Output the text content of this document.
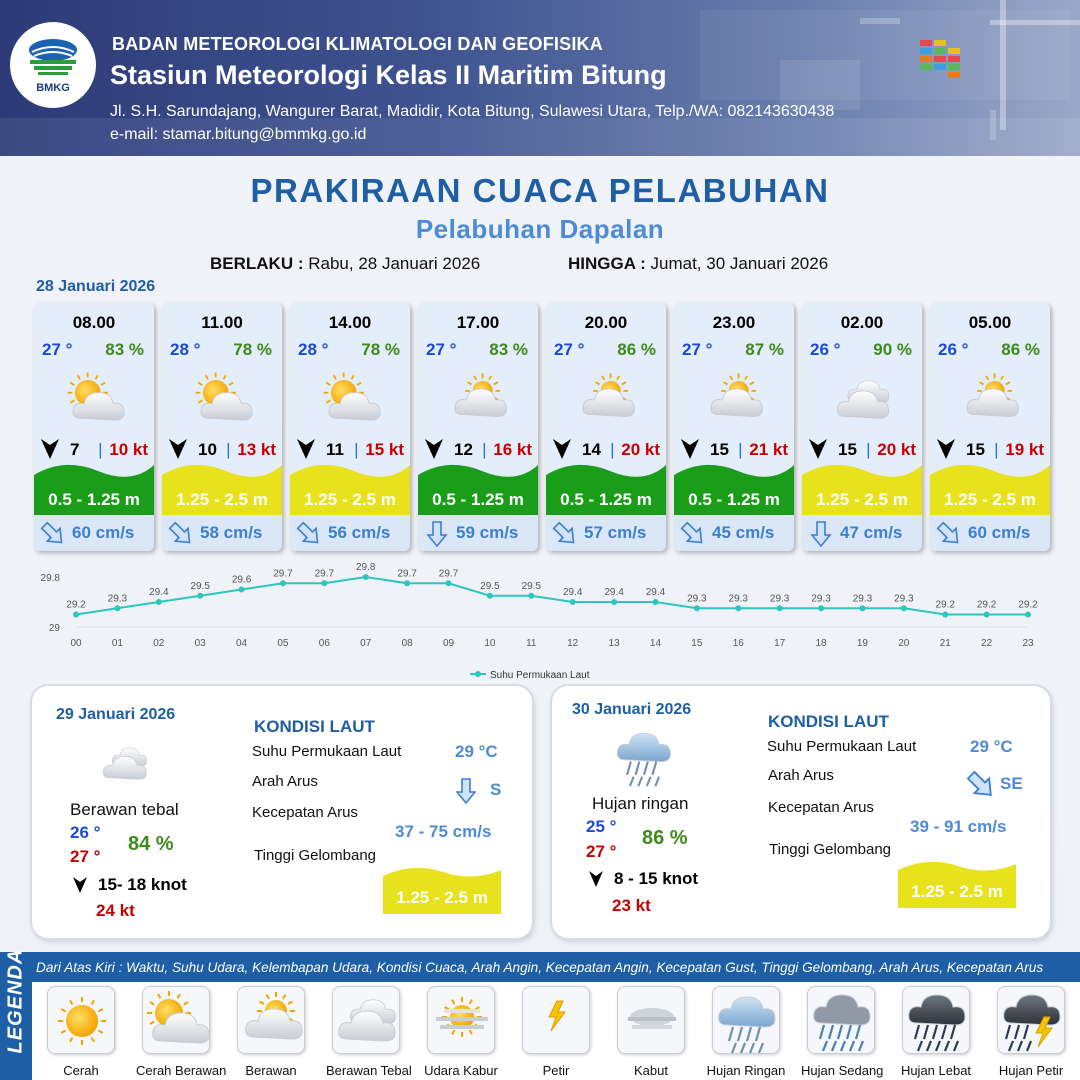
BMKG
BADAN METEOROLOGI KLIMATOLOGI DAN GEOFISIKA
Stasiun Meteorologi Kelas II Maritim Bitung
Jl. S.H. Sarundajang, Wangurer Barat, Madidir, Kota Bitung, Sulawesi Utara, Telp./WA: 082143630438
e-mail: stamar.bitung@bmmkg.go.id
PRAKIRAAN CUACA PELABUHAN
Pelabuhan Dapalan
BERLAKU : Rabu, 28 Januari 2026	HINGGA : Jumat, 30 Januari 2026
28 Januari 2026
08.00
27 ° 83 %
7 | 10 kt
0.5 - 1.25 m
60 cm/s
11.00
28 ° 78 %
10 | 13 kt
1.25 - 2.5 m
58 cm/s
14.00
28 ° 78 %
11 | 15 kt
1.25 - 2.5 m
56 cm/s
17.00
27 ° 83 %
12 | 16 kt
0.5 - 1.25 m
59 cm/s
20.00
27 ° 86 %
14 | 20 kt
0.5 - 1.25 m
57 cm/s
23.00
27 ° 87 %
15 | 21 kt
0.5 - 1.25 m
45 cm/s
02.00
26 ° 90 %
15 | 20 kt
1.25 - 2.5 m
47 cm/s
05.00
26 ° 86 %
15 | 19 kt
1.25 - 2.5 m
60 cm/s
29.8
29
29.2
00
29.3
01
29.4
02
29.5
03
29.6
04
29.7
05
29.7
06
29.8
07
29.7
08
29.7
09
29.5
10
29.5
11
29.4
12
29.4
13
29.4
14
29.3
15
29.3
16
29.3
17
29.3
18
29.3
19
29.3
20
29.2
21
29.2
22
29.2
23
Suhu Permukaan Laut
29 Januari 2026
Berawan tebal
26 °
27 °
84 %
15- 18 knot
24 kt
KONDISI LAUT
Suhu Permukaan Laut	29 °C
Arah Arus	S
Kecepatan Arus
37 - 75 cm/s
Tinggi Gelombang
1.25 - 2.5 m
30 Januari 2026
Hujan ringan
25 °
27 °
86 %
8 - 15 knot
23 kt
KONDISI LAUT
Suhu Permukaan Laut	29 °C
Arah Arus	SE
Kecepatan Arus
39 - 91 cm/s
Tinggi Gelombang
1.25 - 2.5 m
LEGENDA Dari Atas Kiri : Waktu, Suhu Udara, Kelembapan Udara, Kondisi Cuaca, Arah Angin, Kecepatan Angin, Kecepatan Gust, Tinggi Gelombang, Arah Arus, Kecepatan Arus
Cerah	Cerah Berawan	Berawan	Berawan Tebal Udara Kabur	Petir	Kabut	Hujan Ringan Hujan Sedang	Hujan Lebat	Hujan Petir
